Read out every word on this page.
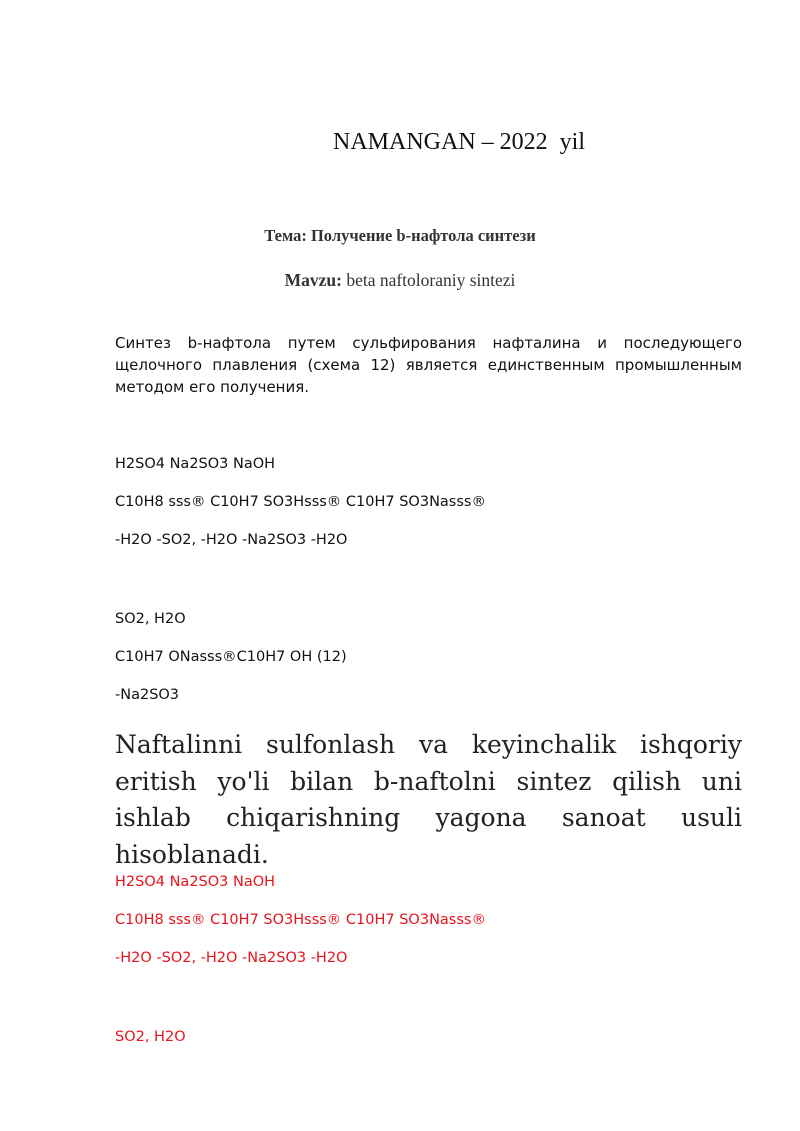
NAMANGAN – 2022 yil

Тема: Получение b-нафтола синтези

Mavzu: beta naftoloraniy sintezi

Синтез b-нафтола путем сульфирования нафталина и последующего щелочного плавления (схема 12) является единственным промышленным методом его получения.

H2SO4 Na2SO3 NaOH

C10H8 sss® C10H7 SO3Hsss® C10H7 SO3Nasss®

-H2O -SO2, -H2O -Na2SO3 -H2O

SO2, H2O

C10H7 ONasss®C10H7 OH (12)

-Na2SO3

Naftalinni sulfonlash va keyinchalik ishqoriy eritish yo'li bilan b-naftolni sintez qilish uni ishlab chiqarishning yagona sanoat usuli hisoblanadi.

H2SO4 Na2SO3 NaOH

C10H8 sss® C10H7 SO3Hsss® C10H7 SO3Nasss®

-H2O -SO2, -H2O -Na2SO3 -H2O

SO2, H2O
